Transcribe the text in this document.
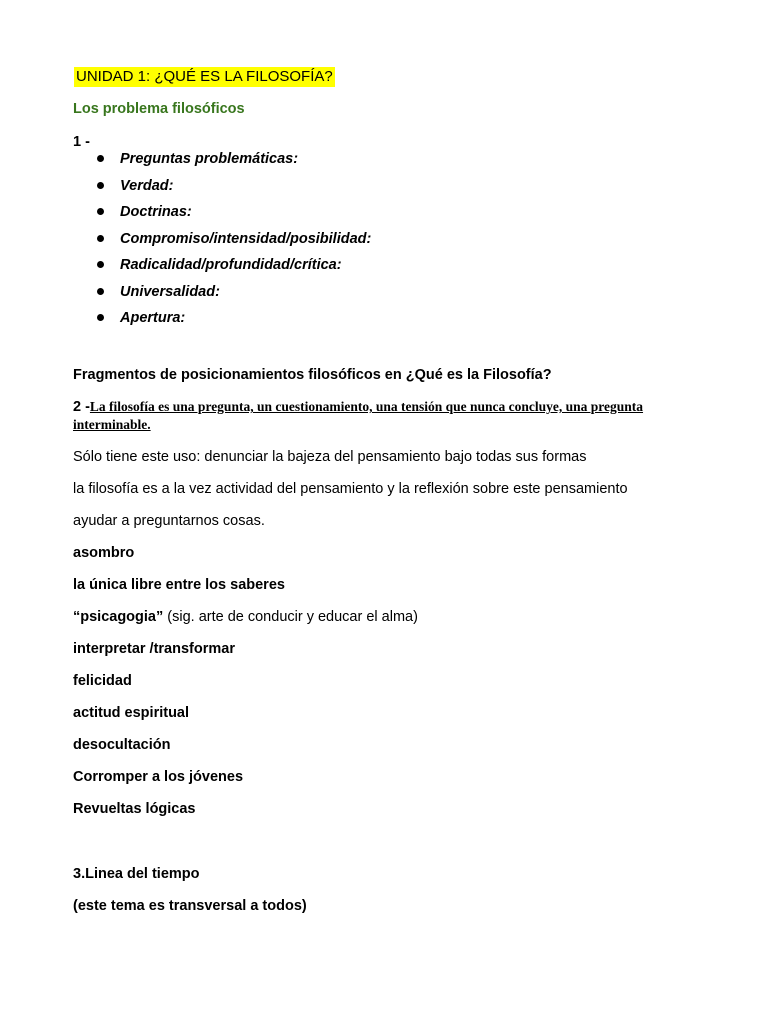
UNIDAD 1: ¿QUÉ ES LA FILOSOFÍA?
Los problema filosóficos
1 -
Preguntas problemáticas:
Verdad:
Doctrinas:
Compromiso/intensidad/posibilidad:
Radicalidad/profundidad/crítica:
Universalidad:
Apertura:
Fragmentos de posicionamientos filosóficos en ¿Qué es la Filosofía?
2 -La filosofía es una pregunta, un cuestionamiento, una tensión que nunca concluye, una pregunta interminable.
Sólo tiene este uso: denunciar la bajeza del pensamiento bajo todas sus formas
la filosofía es a la vez actividad del pensamiento y la reflexión sobre este pensamiento
ayudar a preguntarnos cosas.
asombro
la única libre entre los saberes
“psicagogia” (sig. arte de conducir y educar el alma)
interpretar /transformar
felicidad
actitud espiritual
desocultación
Corromper a los jóvenes
Revueltas lógicas
3.Linea del tiempo
(este tema es transversal a todos)
